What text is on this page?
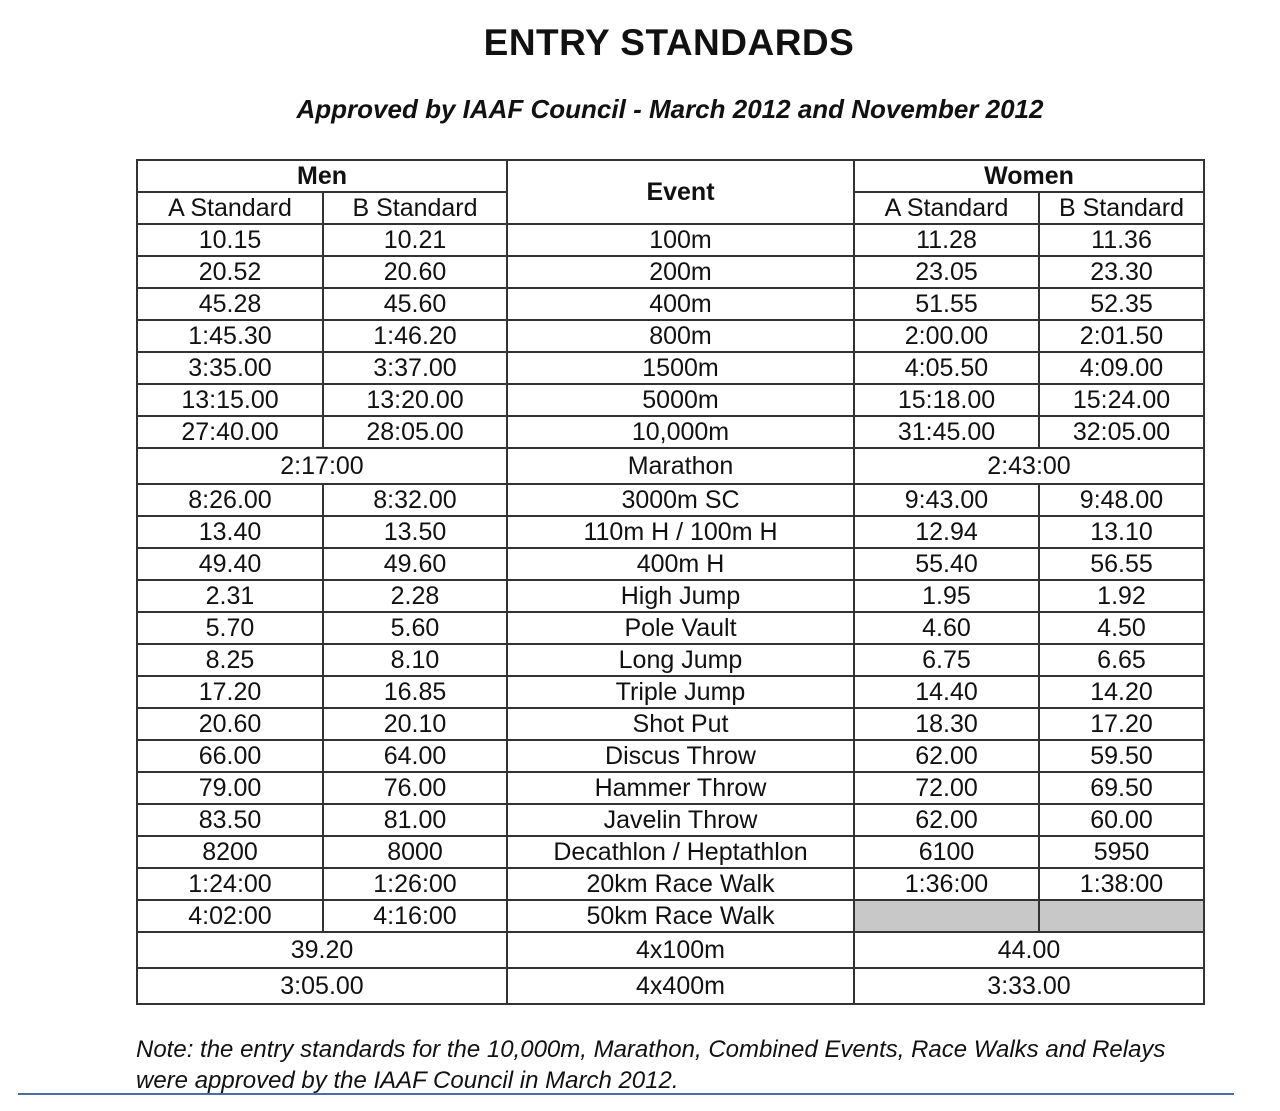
ENTRY STANDARDS
Approved by IAAF Council - March 2012 and November 2012
Men		Event	Women	
A Standard	B Standard		A Standard	B Standard
10.15	10.21	100m	11.28	11.36
20.52	20.60	200m	23.05	23.30
45.28	45.60	400m	51.55	52.35
1:45.30	1:46.20	800m	2:00.00	2:01.50
3:35.00	3:37.00	1500m	4:05.50	4:09.00
13:15.00	13:20.00	5000m	15:18.00	15:24.00
27:40.00	28:05.00	10,000m	31:45.00	32:05.00
2:17:00		Marathon	2:43:00	
8:26.00	8:32.00	3000m SC	9:43.00	9:48.00
13.40	13.50	110m H / 100m H	12.94	13.10
49.40	49.60	400m H	55.40	56.55
2.31	2.28	High Jump	1.95	1.92
5.70	5.60	Pole Vault	4.60	4.50
8.25	8.10	Long Jump	6.75	6.65
17.20	16.85	Triple Jump	14.40	14.20
20.60	20.10	Shot Put	18.30	17.20
66.00	64.00	Discus Throw	62.00	59.50
79.00	76.00	Hammer Throw	72.00	69.50
83.50	81.00	Javelin Throw	62.00	60.00
8200	8000	Decathlon / Heptathlon	6100	5950
1:24:00	1:26:00	20km Race Walk	1:36:00	1:38:00
4:02:00	4:16:00	50km Race Walk		
39.20		4x100m	44.00	
3:05.00		4x400m	3:33.00	
Note: the entry standards for the 10,000m, Marathon, Combined Events, Race Walks and Relays were approved by the IAAF Council in March 2012.
